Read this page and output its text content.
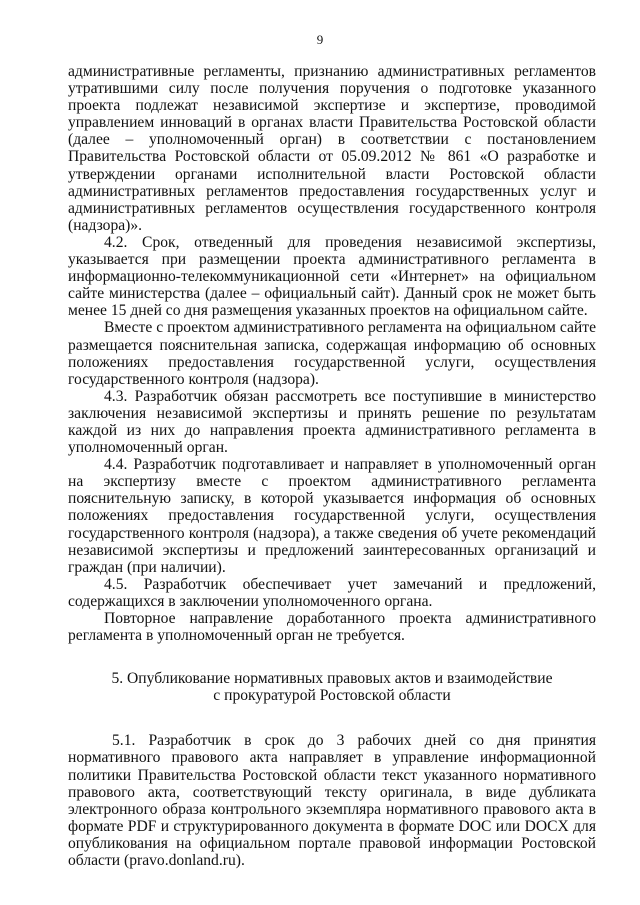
9

административные регламенты, признанию административных регламентов утратившими силу после получения поручения о подготовке указанного проекта подлежат независимой экспертизе и экспертизе, проводимой управлением инноваций в органах власти Правительства Ростовской области (далее – уполномоченный орган) в соответствии с постановлением Правительства Ростовской области от 05.09.2012 № 861 «О разработке и утверждении органами исполнительной власти Ростовской области административных регламентов предоставления государственных услуг и административных регламентов осуществления государственного контроля (надзора)».

4.2. Срок, отведенный для проведения независимой экспертизы, указывается при размещении проекта административного регламента в информационно-телекоммуникационной сети «Интернет» на официальном сайте министерства (далее – официальный сайт). Данный срок не может быть менее 15 дней со дня размещения указанных проектов на официальном сайте.

Вместе с проектом административного регламента на официальном сайте размещается пояснительная записка, содержащая информацию об основных положениях предоставления государственной услуги, осуществления государственного контроля (надзора).

4.3. Разработчик обязан рассмотреть все поступившие в министерство заключения независимой экспертизы и принять решение по результатам каждой из них до направления проекта административного регламента в уполномоченный орган.

4.4. Разработчик подготавливает и направляет в уполномоченный орган на экспертизу вместе с проектом административного регламента пояснительную записку, в которой указывается информация об основных положениях предоставления государственной услуги, осуществления государственного контроля (надзора), а также сведения об учете рекомендаций независимой экспертизы и предложений заинтересованных организаций и граждан (при наличии).

4.5. Разработчик обеспечивает учет замечаний и предложений, содержащихся в заключении уполномоченного органа.

Повторное направление доработанного проекта административного регламента в уполномоченный орган не требуется.

5. Опубликование нормативных правовых актов и взаимодействие
с прокуратурой Ростовской области

5.1. Разработчик в срок до 3 рабочих дней со дня принятия нормативного правового акта направляет в управление информационной политики Правительства Ростовской области текст указанного нормативного правового акта, соответствующий тексту оригинала, в виде дубликата электронного образа контрольного экземпляра нормативного правового акта в формате PDF и структурированного документа в формате DOC или DOCX для опубликования на официальном портале правовой информации Ростовской области (pravo.donland.ru).
